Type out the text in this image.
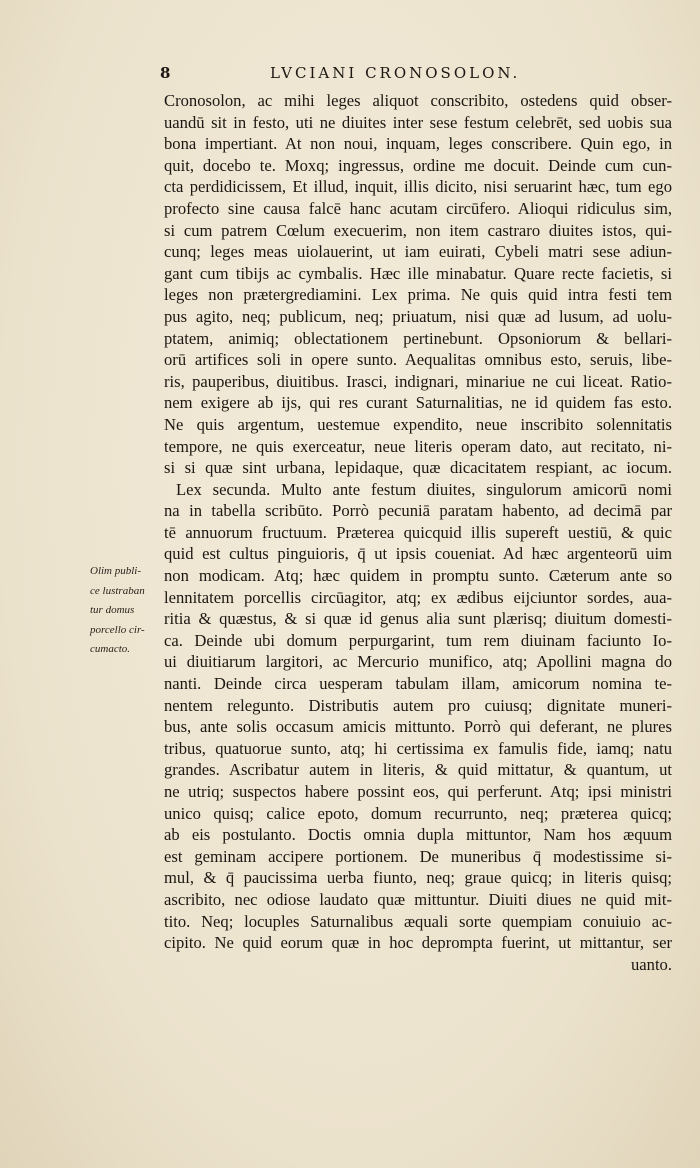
8	LVCIANI CRONOSOLON.
Olim publi-
ce lustraban
tur domus
porcello cir-
cumacto.
Cronosolon, ac mihi leges aliquot conscribito, ostedens quid obser-
uandū sit in festo, uti ne diuites inter sese festum celebrēt, sed uobis sua
bona impertiant. At non noui, inquam, leges conscribere. Quin ego, in
quit, docebo te. Moxq; ingressus, ordine me docuit. Deinde cum cun-
cta perdidicissem, Et illud, inquit, illis dicito, nisi seruarint hæc, tum ego
profecto sine causa falcē hanc acutam circūfero. Alioqui ridiculus sim,
si cum patrem Cœlum execuerim, non item castraro diuites istos, qui-
cunq; leges meas uiolauerint, ut iam euirati, Cybeli matri sese adiun-
gant cum tibijs ac cymbalis. Hæc ille minabatur. Quare recte facietis, si
leges non prætergrediamini. Lex prima. Ne quis quid intra festi tem
pus agito, neq; publicum, neq; priuatum, nisi quæ ad lusum, ad uolu-
ptatem, animiq; oblectationem pertinebunt. Opsoniorum & bellari-
orū artifices soli in opere sunto. Aequalitas omnibus esto, seruis, libe-
ris, pauperibus, diuitibus. Irasci, indignari, minariue ne cui liceat. Ratio-
nem exigere ab ijs, qui res curant Saturnalitias, ne id quidem fas esto.
Ne quis argentum, uestemue expendito, neue inscribito solennitatis
tempore, ne quis exerceatur, neue literis operam dato, aut recitato, ni-
si si quæ sint urbana, lepidaque, quæ dicacitatem respiant, ac iocum.
Lex secunda. Multo ante festum diuites, singulorum amicorū nomi
na in tabella scribūto. Porrò pecuniā paratam habento, ad decimā par
tē annuorum fructuum. Præterea quicquid illis supereft uestiū, & quic
quid est cultus pinguioris, q̄ ut ipsis coueniat. Ad hæc argenteorū uim
non modicam. Atq; hæc quidem in promptu sunto. Cæterum ante so
lennitatem porcellis circūagitor, atq; ex ædibus eijciuntor sordes, aua-
ritia & quæstus, & si quæ id genus alia sunt plærisq; diuitum domesti-
ca. Deinde ubi domum perpurgarint, tum rem diuinam faciunto Io-
ui diuitiarum largitori, ac Mercurio munifico, atq; Apollini magna do
nanti. Deinde circa uesperam tabulam illam, amicorum nomina te-
nentem relegunto. Distributis autem pro cuiusq; dignitate muneri-
bus, ante solis occasum amicis mittunto. Porrò qui deferant, ne plures
tribus, quatuorue sunto, atq; hi certissima ex famulis fide, iamq; natu
grandes. Ascribatur autem in literis, & quid mittatur, & quantum, ut
ne utriq; suspectos habere possint eos, qui perferunt. Atq; ipsi ministri
unico quisq; calice epoto, domum recurrunto, neq; præterea quicq;
ab eis postulanto. Doctis omnia dupla mittuntor, Nam hos æquum
est geminam accipere portionem. De muneribus q̄ modestissime si-
mul, & q̄ paucissima uerba fiunto, neq; graue quicq; in literis quisq;
ascribito, nec odiose laudato quæ mittuntur. Diuiti diues ne quid mit-
tito. Neq; locuples Saturnalibus æquali sorte quempiam conuiuio ac-
cipito. Ne quid eorum quæ in hoc deprompta fuerint, ut mittantur, ser
uanto.
